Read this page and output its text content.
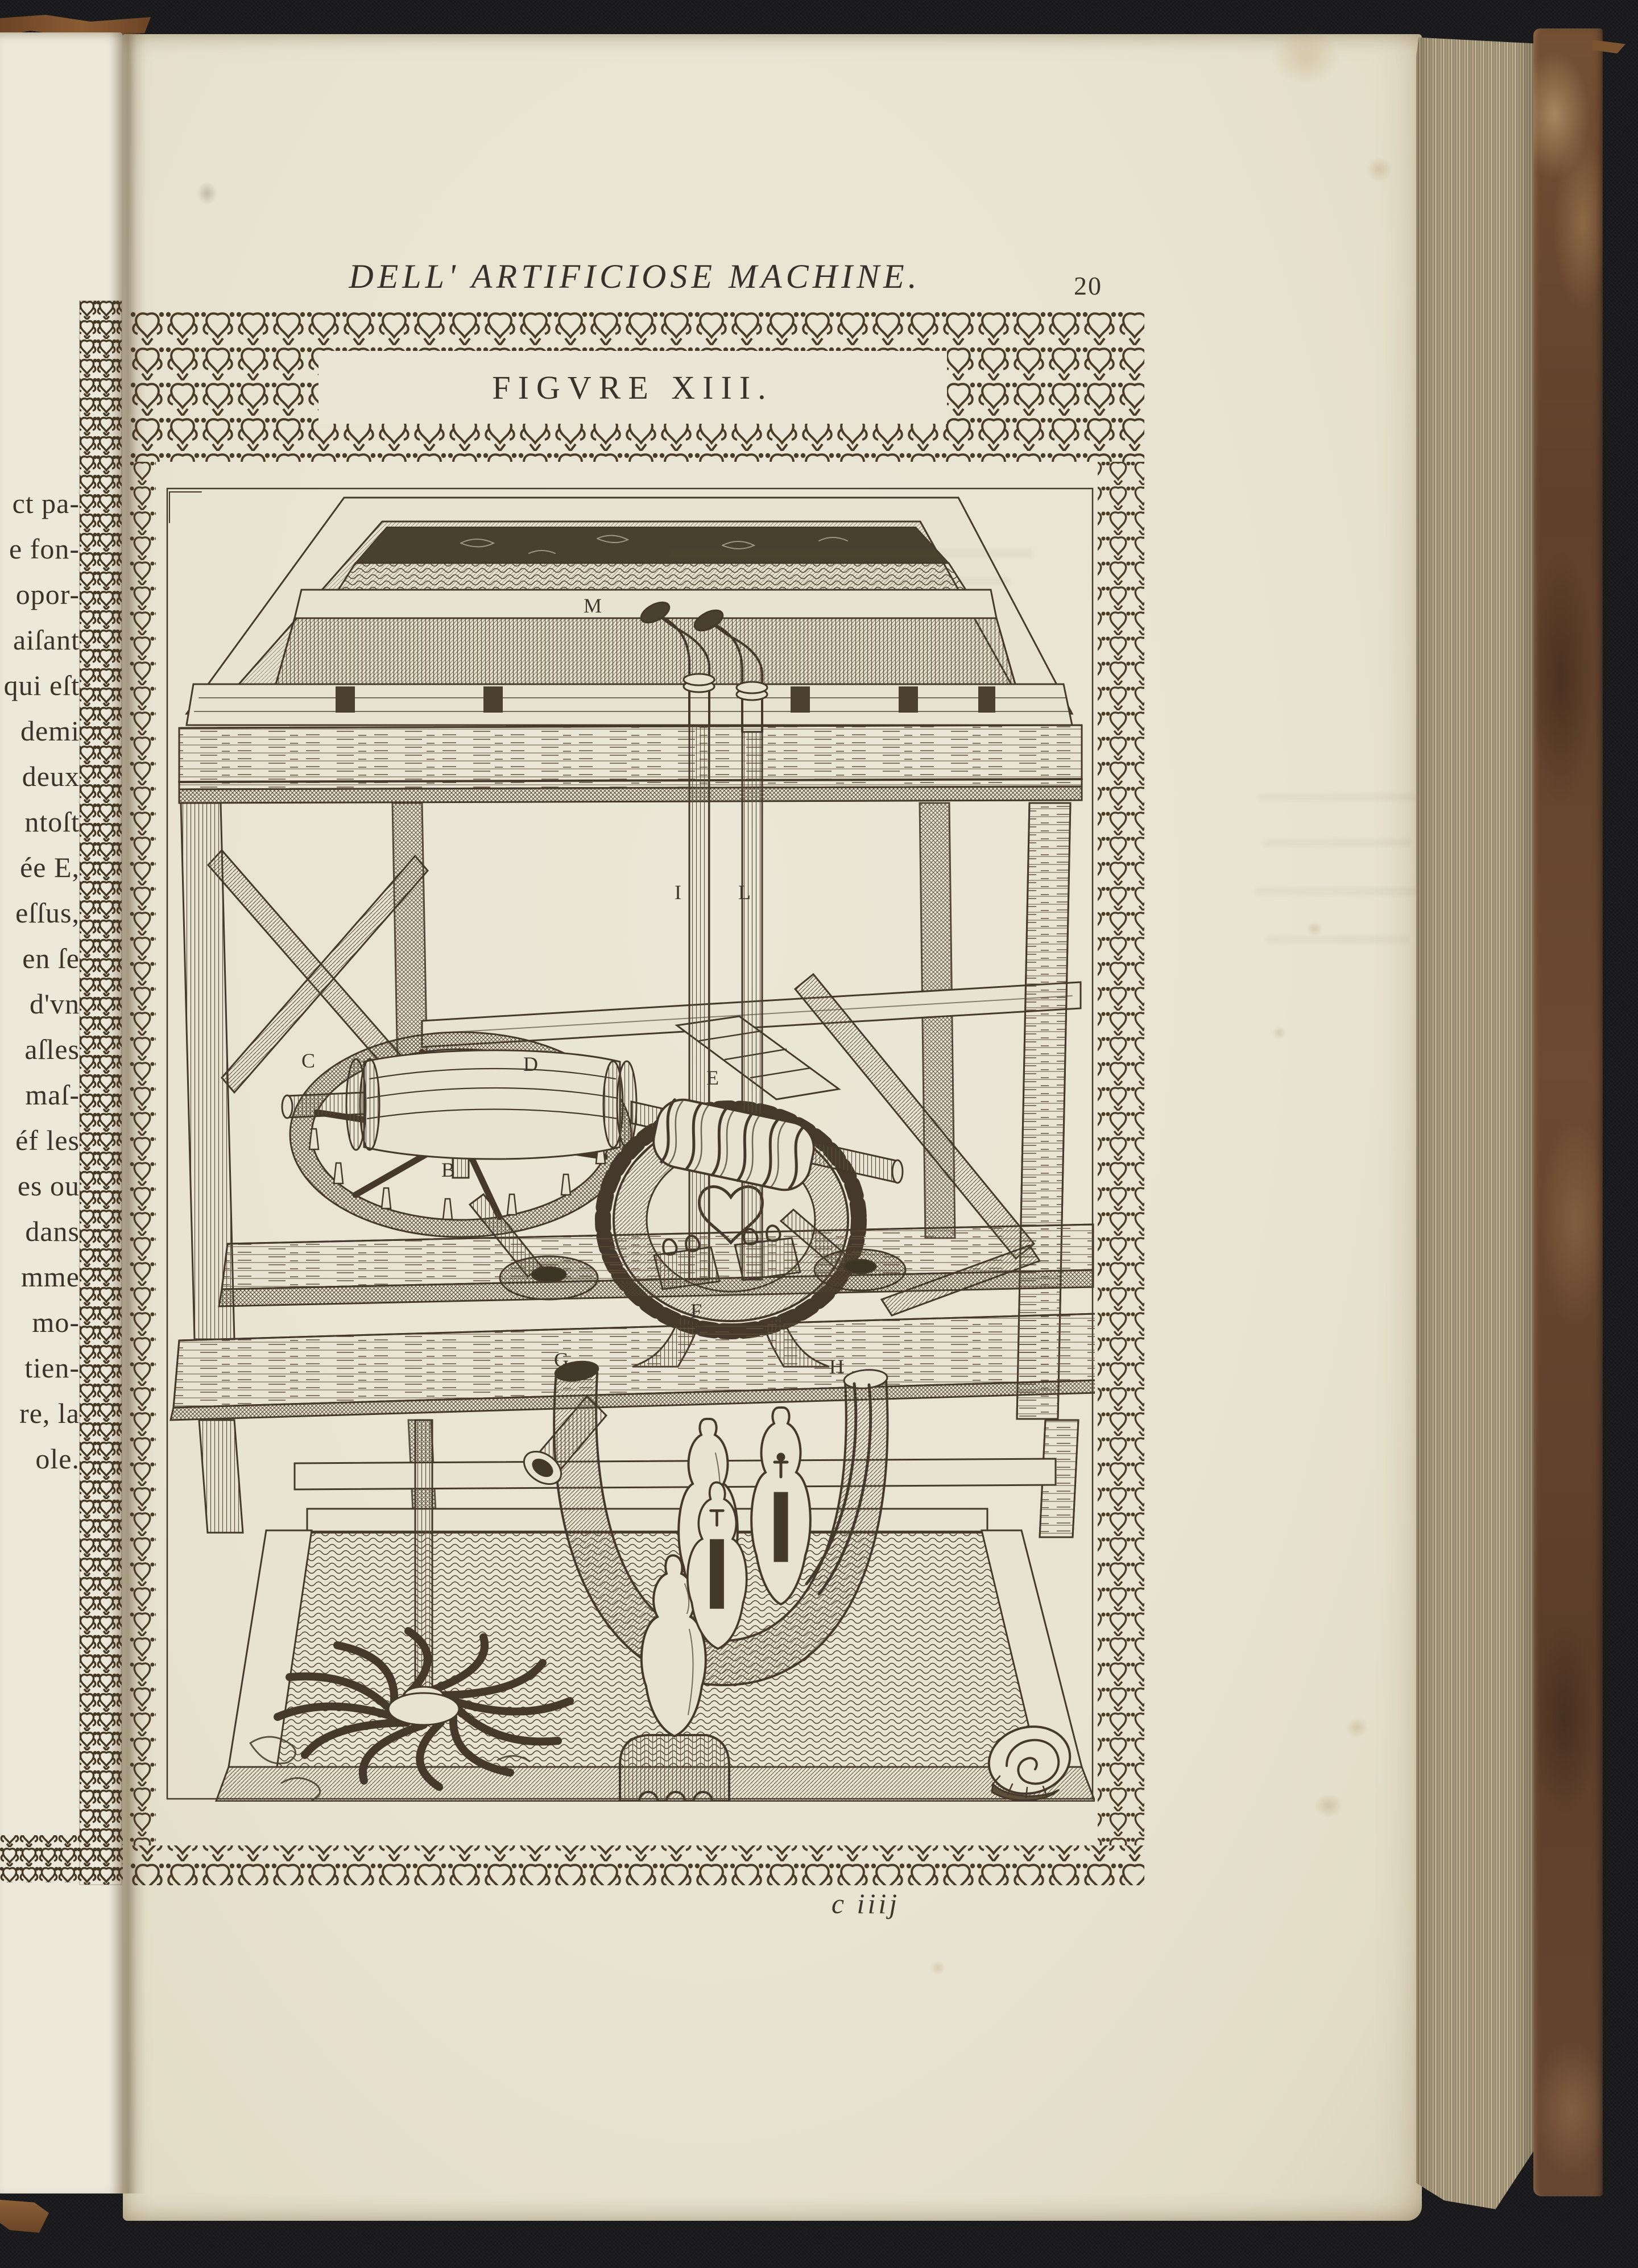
ct pa-
e fon-
opor-
aiſant
qui eſt
demi
deux
ntoſt
ée E,
eſſus,
en ſe
d'vn
aſles
maſ-
éf les
es ou
dans
mme
mo-
tien-
re, la
ole.
DELL' ARTIFICIOSE MACHINE.	20
FIGVRE XIII.
M
I	L
C	D
E
B
F
G	H
c iiij
